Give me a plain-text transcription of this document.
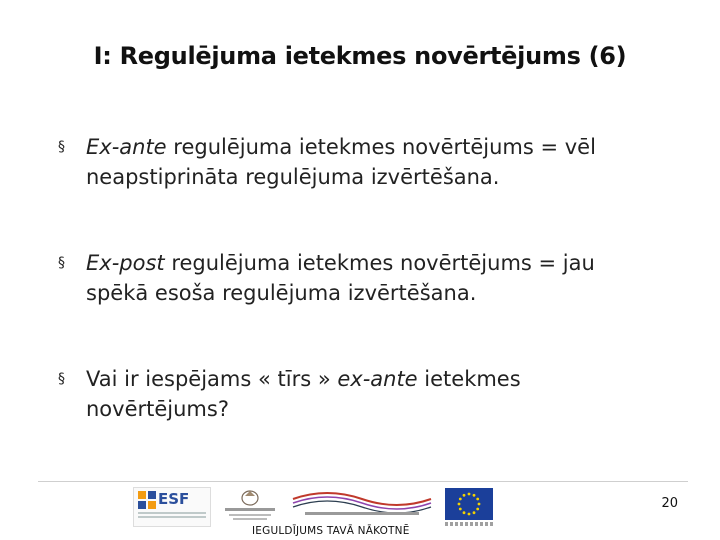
I: Regulējuma ietekmes novērtējums (6)
§ Ex-ante regulējuma ietekmes novērtējums = vēl
neapstiprināta regulējuma izvērtēšana.
§ Ex-post regulējuma ietekmes novērtējums = jau
spēkā esoša regulējuma izvērtēšana.
§ Vai ir iespējams « tīrs » ex-ante ietekmes
novērtējums?
20
ESF
IEGULDĪJUMS TAVĀ NĀKOTNĒ
